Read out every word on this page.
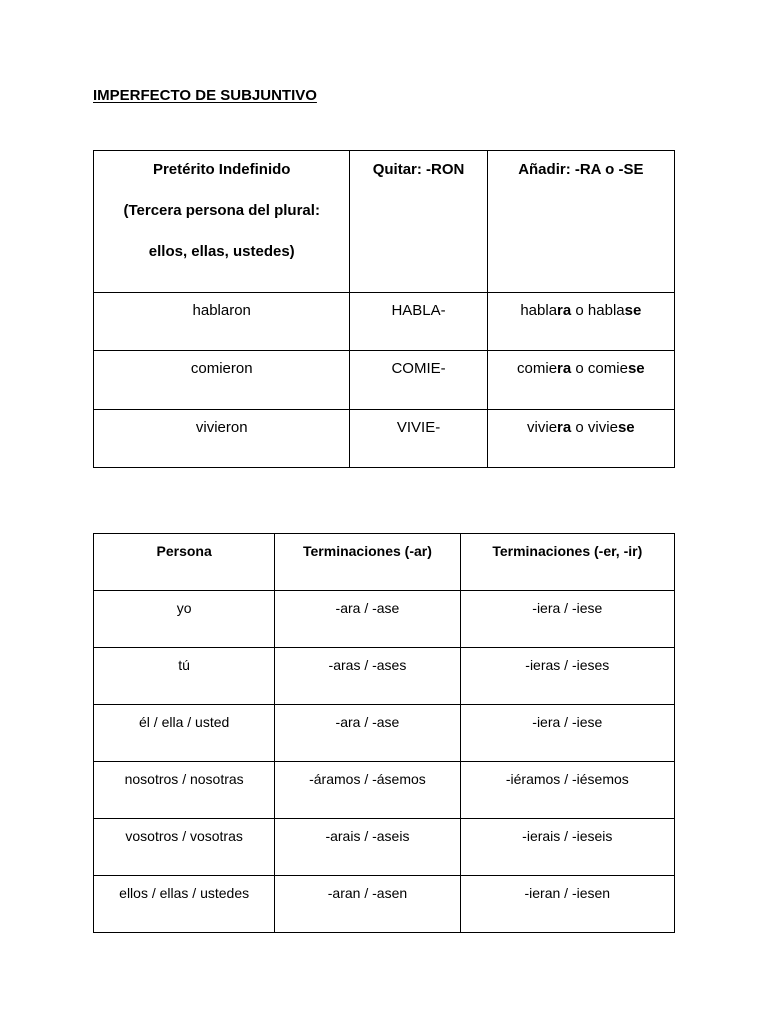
IMPERFECTO DE SUBJUNTIVO
Pretérito Indefinido
(Tercera persona del plural:
ellos, ellas, ustedes)	Quitar: -RON	Añadir: -RA o -SE

hablaron	HABLA-	hablara o hablase

comieron	COMIE-	comiera o comiese

vivieron	VIVIE-	viviera o viviese
Persona	Terminaciones (-ar)	Terminaciones (-er, -ir)

yo	-ara / -ase	-iera / -iese

tú	-aras / -ases	-ieras / -ieses

él / ella / usted	-ara / -ase	-iera / -iese

nosotros / nosotras	-áramos / -ásemos	-iéramos / -iésemos

vosotros / vosotras	-arais / -aseis	-ierais / -ieseis

ellos / ellas / ustedes	-aran / -asen	-ieran / -iesen
